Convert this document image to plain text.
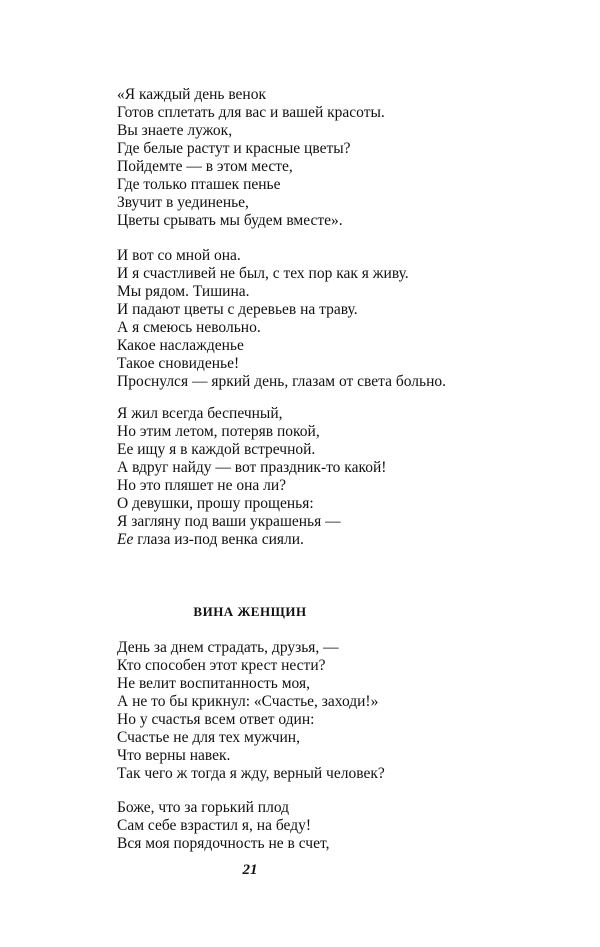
«Я каждый день венок
Готов сплетать для вас и вашей красоты.
Вы знаете лужок,
Где белые растут и красные цветы?
Пойдемте — в этом месте,
Где только пташек пенье
Звучит в уединенье,
Цветы срывать мы будем вместе».
И вот со мной она.
И я счастливей не был, с тех пор как я живу.
Мы рядом. Тишина.
И падают цветы с деревьев на траву.
А я смеюсь невольно.
Какое наслажденье
Такое сновиденье!
Проснулся — яркий день, глазам от света больно.
Я жил всегда беспечный,
Но этим летом, потеряв покой,
Ее ищу я в каждой встречной.
А вдруг найду — вот праздник-то какой!
Но это пляшет не она ли?
О девушки, прошу прощенья:
Я загляну под ваши украшенья —
Ее глаза из-под венка сияли.
ВИНА ЖЕНЩИН
День за днем страдать, друзья, —
Кто способен этот крест нести?
Не велит воспитанность моя,
А не то бы крикнул: «Счастье, заходи!»
Но у счастья всем ответ один:
Счастье не для тех мужчин,
Что верны навек.
Так чего ж тогда я жду, верный человек?
Боже, что за горький плод
Сам себе взрастил я, на беду!
Вся моя порядочность не в счет,
21
